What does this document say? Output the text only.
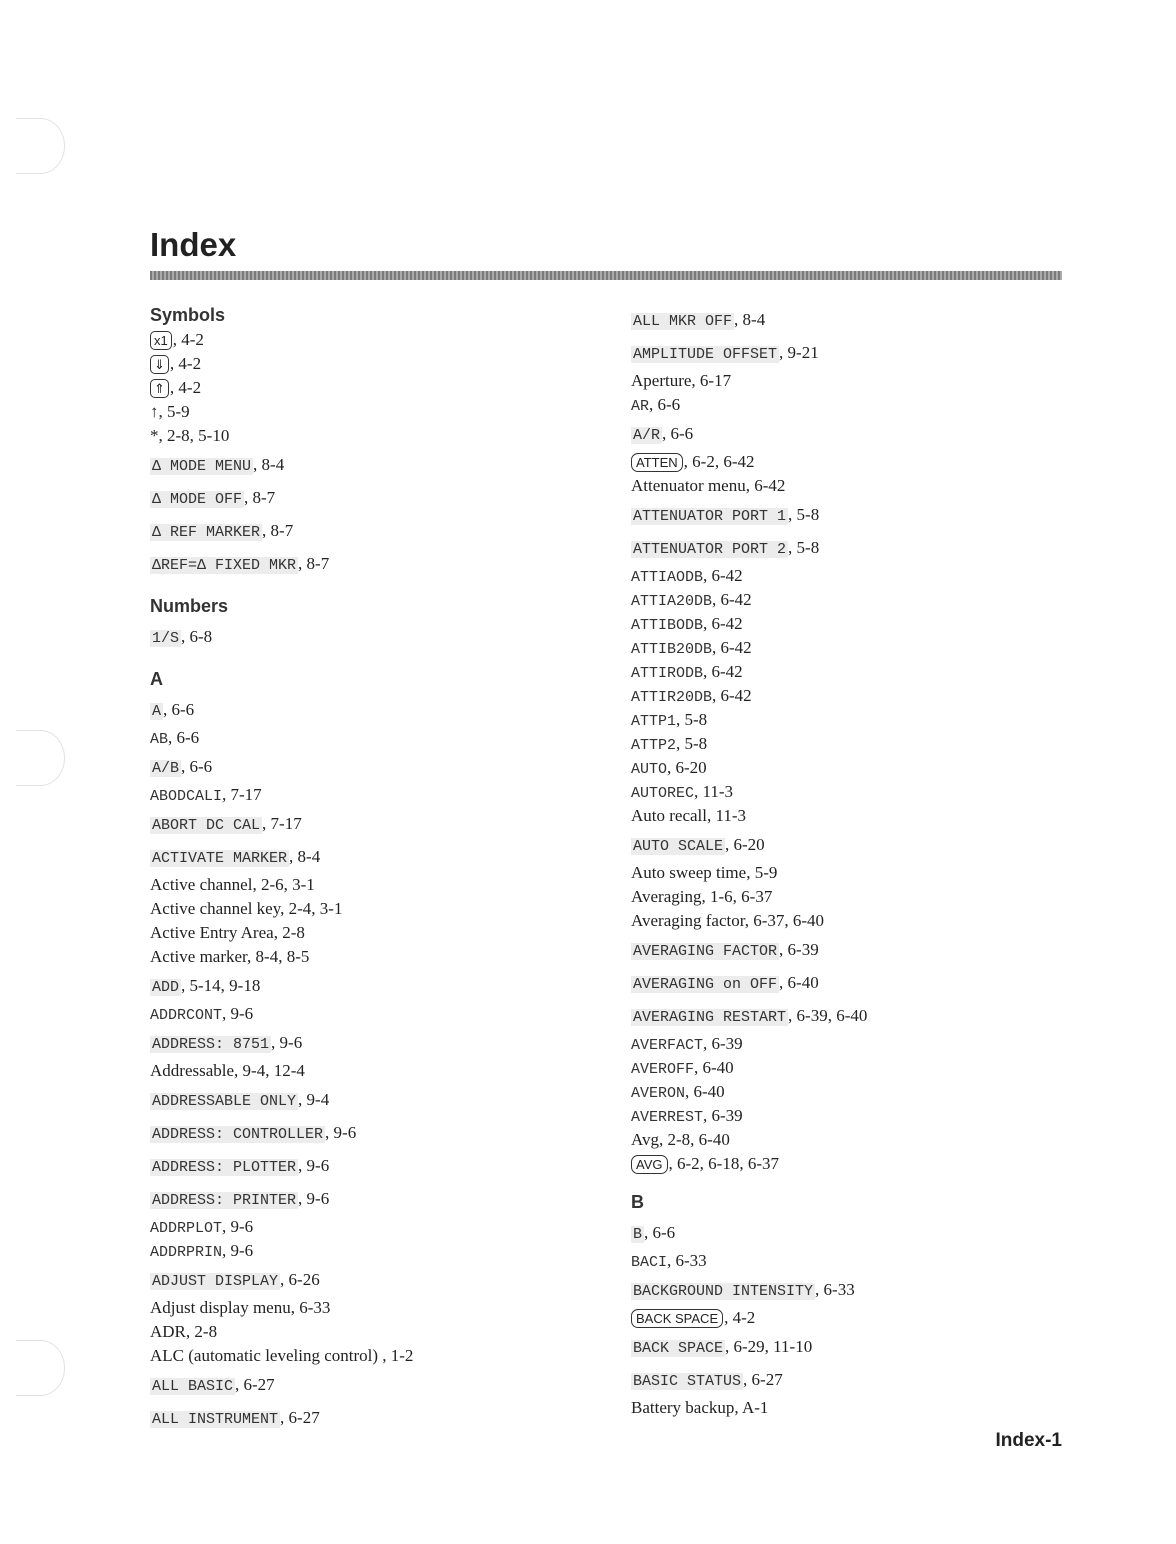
Index
Symbols
x1 , 4-2
⇓ , 4-2
⇑ , 4-2
↑, 5-9
*, 2-8, 5-10
Δ MODE MENU , 8-4
Δ MODE OFF , 8-7
Δ REF MARKER , 8-7
ΔREF=Δ FIXED MKR , 8-7
Numbers
1/S , 6-8
A
A , 6-6
AB, 6-6
A/B , 6-6
ABODCALI, 7-17
ABORT DC CAL , 7-17
ACTIVATE MARKER , 8-4
Active channel, 2-6, 3-1
Active channel key, 2-4, 3-1
Active Entry Area, 2-8
Active marker, 8-4, 8-5
ADD , 5-14, 9-18
ADDRCONT, 9-6
ADDRESS: 8751 , 9-6
Addressable, 9-4, 12-4
ADDRESSABLE ONLY , 9-4
ADDRESS: CONTROLLER , 9-6
ADDRESS: PLOTTER , 9-6
ADDRESS: PRINTER , 9-6
ADDRPLOT, 9-6
ADDRPRIN, 9-6
ADJUST DISPLAY , 6-26
Adjust display menu, 6-33
ADR, 2-8
ALC (automatic leveling control) , 1-2
ALL BASIC , 6-27
ALL INSTRUMENT , 6-27
ALL MKR OFF , 8-4
AMPLITUDE OFFSET , 9-21
Aperture, 6-17
AR, 6-6
A/R , 6-6
ATTEN , 6-2, 6-42
Attenuator menu, 6-42
ATTENUATOR PORT 1 , 5-8
ATTENUATOR PORT 2 , 5-8
ATTIAODB, 6-42
ATTIA20DB, 6-42
ATTIBODB, 6-42
ATTIB20DB, 6-42
ATTIRODB, 6-42
ATTIR20DB, 6-42
ATTP1, 5-8
ATTP2, 5-8
AUTO, 6-20
AUTOREC, 11-3
Auto recall, 11-3
AUTO SCALE , 6-20
Auto sweep time, 5-9
Averaging, 1-6, 6-37
Averaging factor, 6-37, 6-40
AVERAGING FACTOR , 6-39
AVERAGING on OFF , 6-40
AVERAGING RESTART , 6-39, 6-40
AVERFACT, 6-39
AVEROFF, 6-40
AVERON, 6-40
AVERREST, 6-39
Avg, 2-8, 6-40
AVG , 6-2, 6-18, 6-37
B
B , 6-6
BACI, 6-33
BACKGROUND INTENSITY , 6-33
BACK SPACE , 4-2
BACK SPACE , 6-29, 11-10
BASIC STATUS , 6-27
Battery backup, A-1
Index-1
